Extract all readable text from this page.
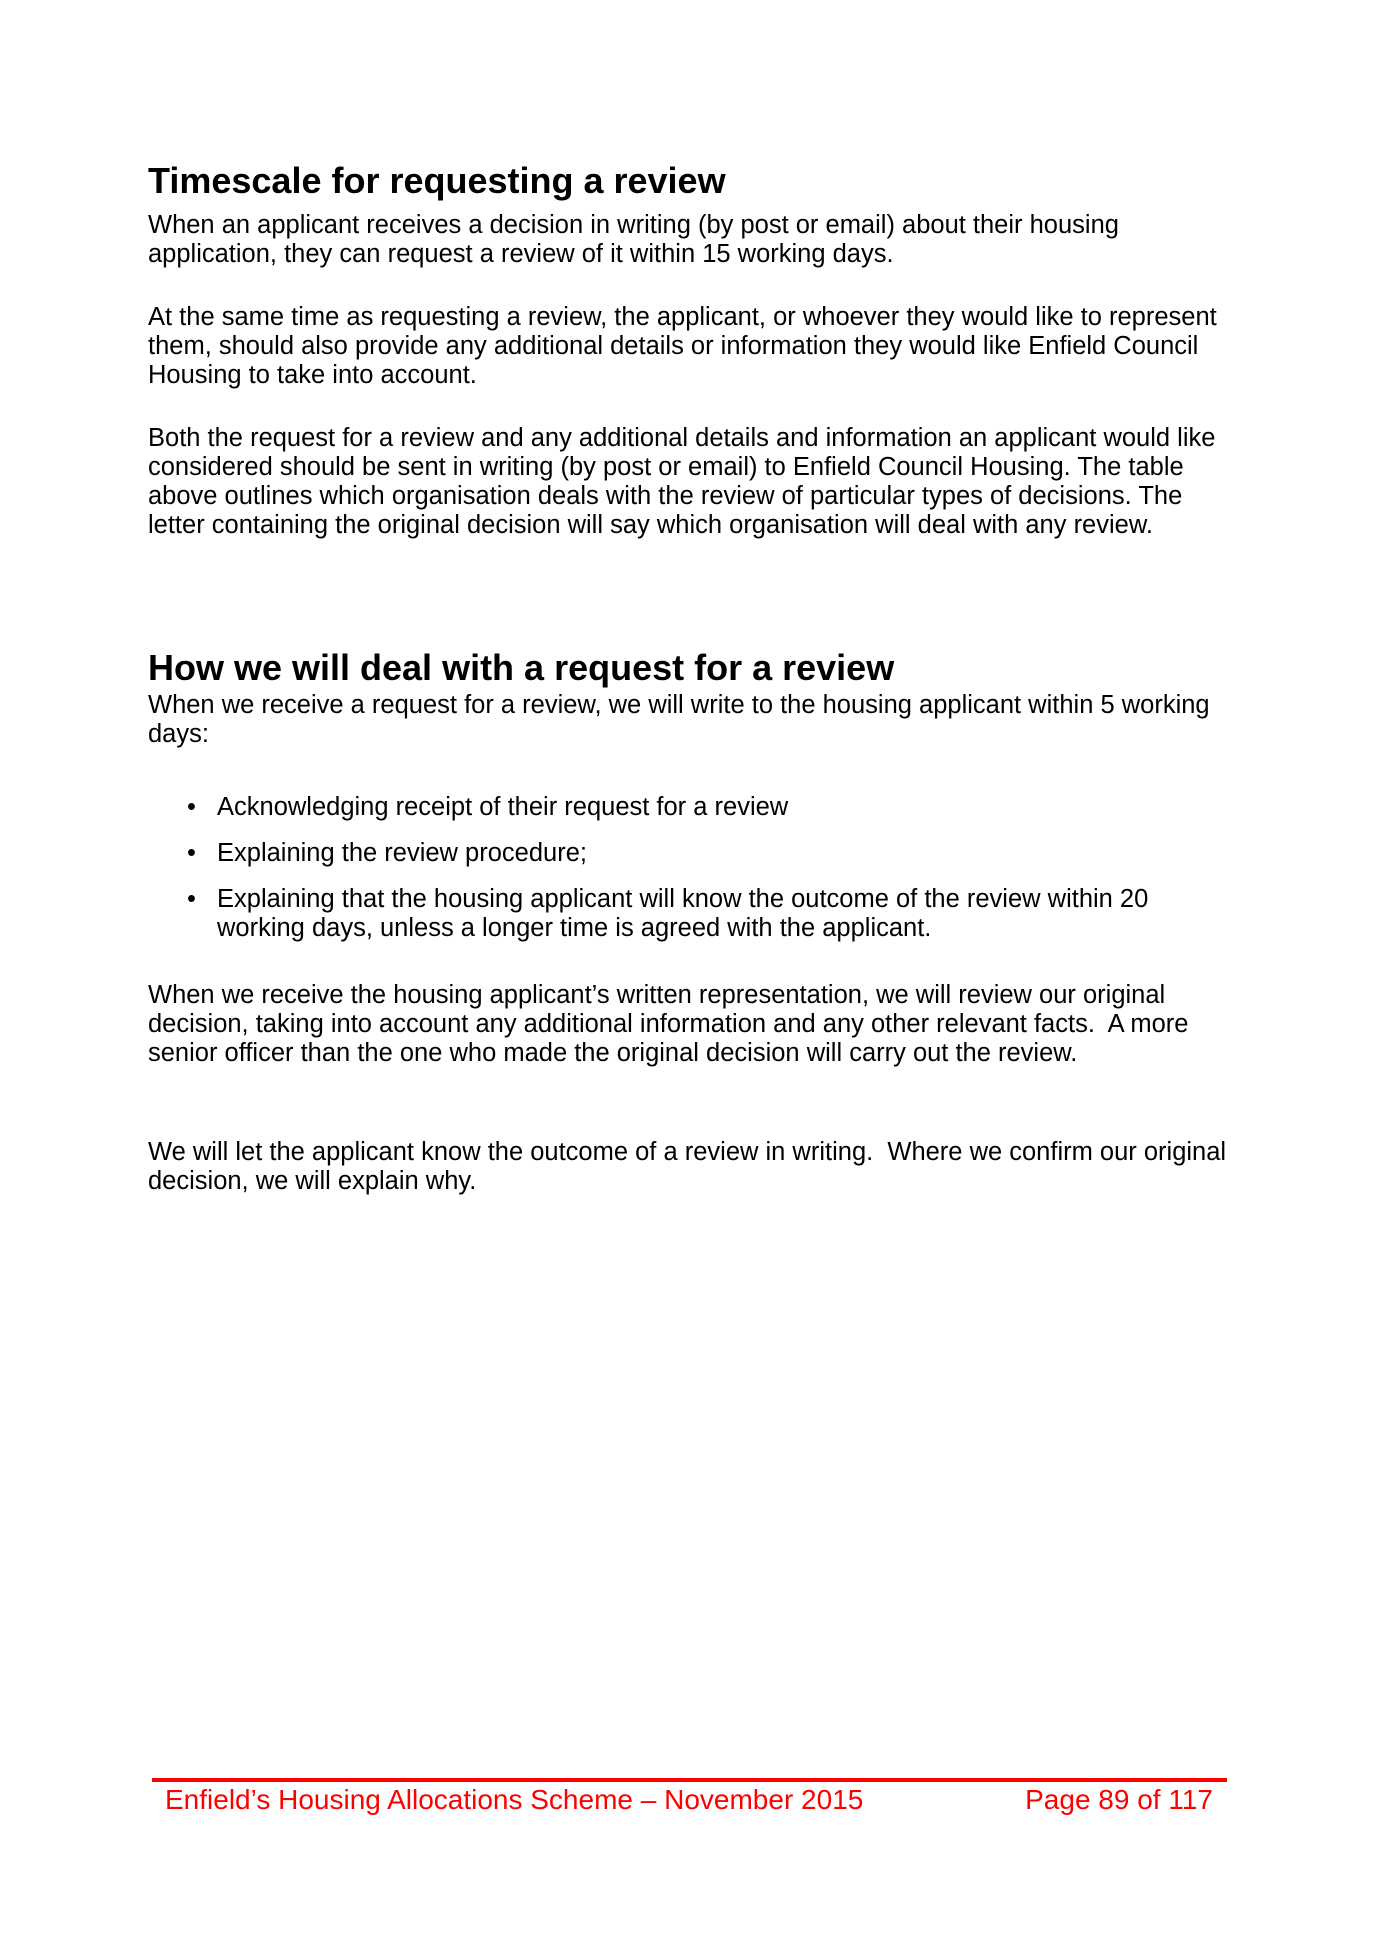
Timescale for requesting a review

When an applicant receives a decision in writing (by post or email) about their housing application, they can request a review of it within 15 working days.

At the same time as requesting a review, the applicant, or whoever they would like to represent them, should also provide any additional details or information they would like Enfield Council Housing to take into account.

Both the request for a review and any additional details and information an applicant would like considered should be sent in writing (by post or email) to Enfield Council Housing. The table above outlines which organisation deals with the review of particular types of decisions. The letter containing the original decision will say which organisation will deal with any review.

How we will deal with a request for a review

When we receive a request for a review, we will write to the housing applicant within 5 working days:

• Acknowledging receipt of their request for a review
• Explaining the review procedure;
• Explaining that the housing applicant will know the outcome of the review within 20 working days, unless a longer time is agreed with the applicant.

When we receive the housing applicant’s written representation, we will review our original decision, taking into account any additional information and any other relevant facts.  A more senior officer than the one who made the original decision will carry out the review.

We will let the applicant know the outcome of a review in writing.  Where we confirm our original decision, we will explain why.

Enfield’s Housing Allocations Scheme – November 2015	Page 89 of 117
